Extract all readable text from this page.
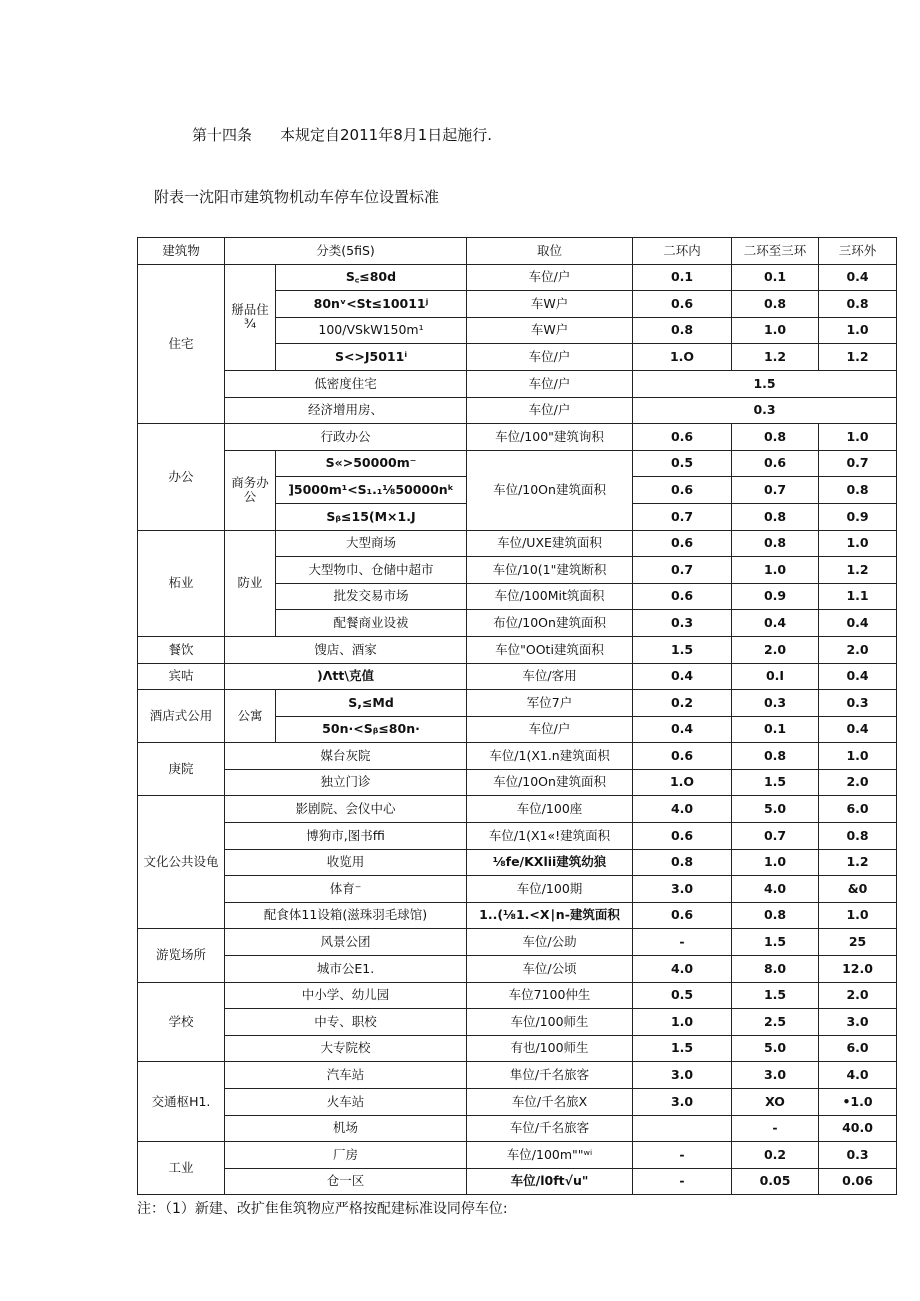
第十四条 本规定自2011年8月1日起施行.
附表一沈阳市建筑物机动车停车位设置标准
建筑物	分类(5fiS)		取位	二环内	二环至三环	三环外
住宅	掰品住¾	S꜀≤80d	车位/户	0.1	0.1	0.4
		80nᵛ<St≤10011ʲ	车W户	0.6	0.8	0.8
		100/VSkW150m¹	车W户	0.8	1.0	1.0
		S<>J5011ⁱ	车位/户	1.O	1.2	1.2
	低密度住宅		车位/户	1.5		
	经济增用房、		车位/户	0.3		
办公	行政办公		车位/100"建筑询积	0.6	0.8	1.0
	商务办公	S«>50000m⁻	车位/10On建筑面积	0.5	0.6	0.7
		]5000m¹<S₁.₁⅛50000nᵏ		0.6	0.7	0.8
		Sᵦ≤15(M×1.J		0.7	0.8	0.9
柘业	防业	大型商场	车位/UXE建筑面积	0.6	0.8	1.0
		大型物巾、仓储中超市	车位/10(1"建筑断积	0.7	1.0	1.2
		批发交易市场	车位/100Mit筑面积	0.6	0.9	1.1
		配餐商业设祓	布位/10On建筑面积	0.3	0.4	0.4
餐饮	馊店、酒家		车位"OOti建筑面积	1.5	2.0	2.0
宾咕	)Λtt\克值		车位/客用	0.4	0.I	0.4
酒店式公用	公寓	S,≤Md	军位7户	0.2	0.3	0.3
		50n·<Sᵦ≤80n·	车位/户	0.4	0.1	0.4
庚院	媒台灰院		车位/1(X1.n建筑面枳	0.6	0.8	1.0
	独立门诊		车位/10On建筑面积	1.O	1.5	2.0
文化公共设龟	影剧院、会仪中心		车位/100座	4.0	5.0	6.0
	博狗市,图书ffi		车位/1(X1«!建筑面积	0.6	0.7	0.8
	收览用		⅛fe/KXlii建筑幼狼	0.8	1.0	1.2
	体育⁻		车位/100期	3.0	4.0	&0
	配食体11设箱(滋珠羽毛球馆)		1..(⅛1.<X∣n-建筑面积	0.6	0.8	1.0
游览场所	风景公团		车位/公助	-	1.5	25
	城市公E1.		车位/公顷	4.0	8.0	12.0
学校	中小学、幼儿园		车位7100仲生	0.5	1.5	2.0
	中专、职校		车位/100师生	1.0	2.5	3.0
	大专院校		有也/100师生	1.5	5.0	6.0
交通枢H1.	汽车站		隼位/千名旅客	3.0	3.0	4.0
	火车站		车位/千名旅X	3.0	XO	•1.0
	机场		车位/千名旅客		-	40.0
工业	厂房		车位/100m""ʷⁱ	-	0.2	0.3
	仓一区		车位/l0ft√u"	-	0.05	0.06
注：（1）新建、改扩隹隹筑物应严格按配建标准设同停车位:
